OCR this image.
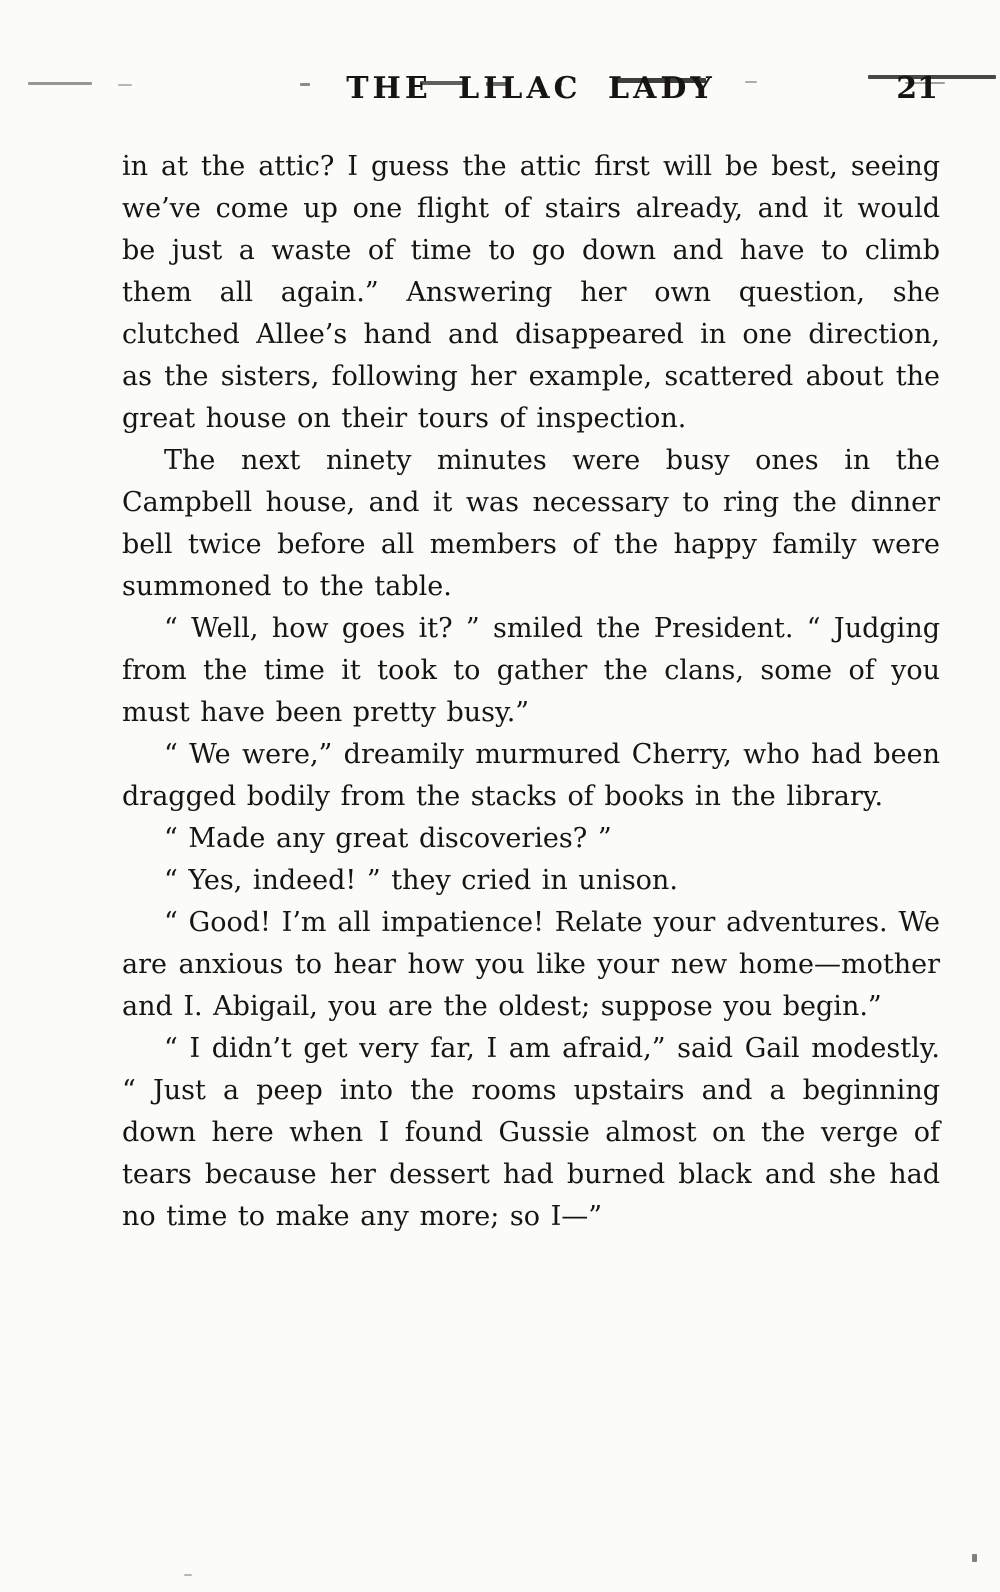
THE LILAC LADY	21

in at the attic? I guess the attic first will be best, seeing we’ve come up one flight of stairs already, and it would be just a waste of time to go down and have to climb them all again.” Answering her own question, she clutched Allee’s hand and disappeared in one direction, as the sisters, following her example, scattered about the great house on their tours of inspection.

The next ninety minutes were busy ones in the Campbell house, and it was necessary to ring the dinner bell twice before all members of the happy family were summoned to the table.

“ Well, how goes it? ” smiled the President. “ Judging from the time it took to gather the clans, some of you must have been pretty busy.”

“ We were,” dreamily murmured Cherry, who had been dragged bodily from the stacks of books in the library.

“ Made any great discoveries? ”

“ Yes, indeed! ” they cried in unison.

“ Good! I’m all impatience! Relate your adventures. We are anxious to hear how you like your new home—mother and I. Abigail, you are the oldest; suppose you begin.”

“ I didn’t get very far, I am afraid,” said Gail modestly. “ Just a peep into the rooms upstairs and a beginning down here when I found Gussie almost on the verge of tears because her dessert had burned black and she had no time to make any more; so I—”
